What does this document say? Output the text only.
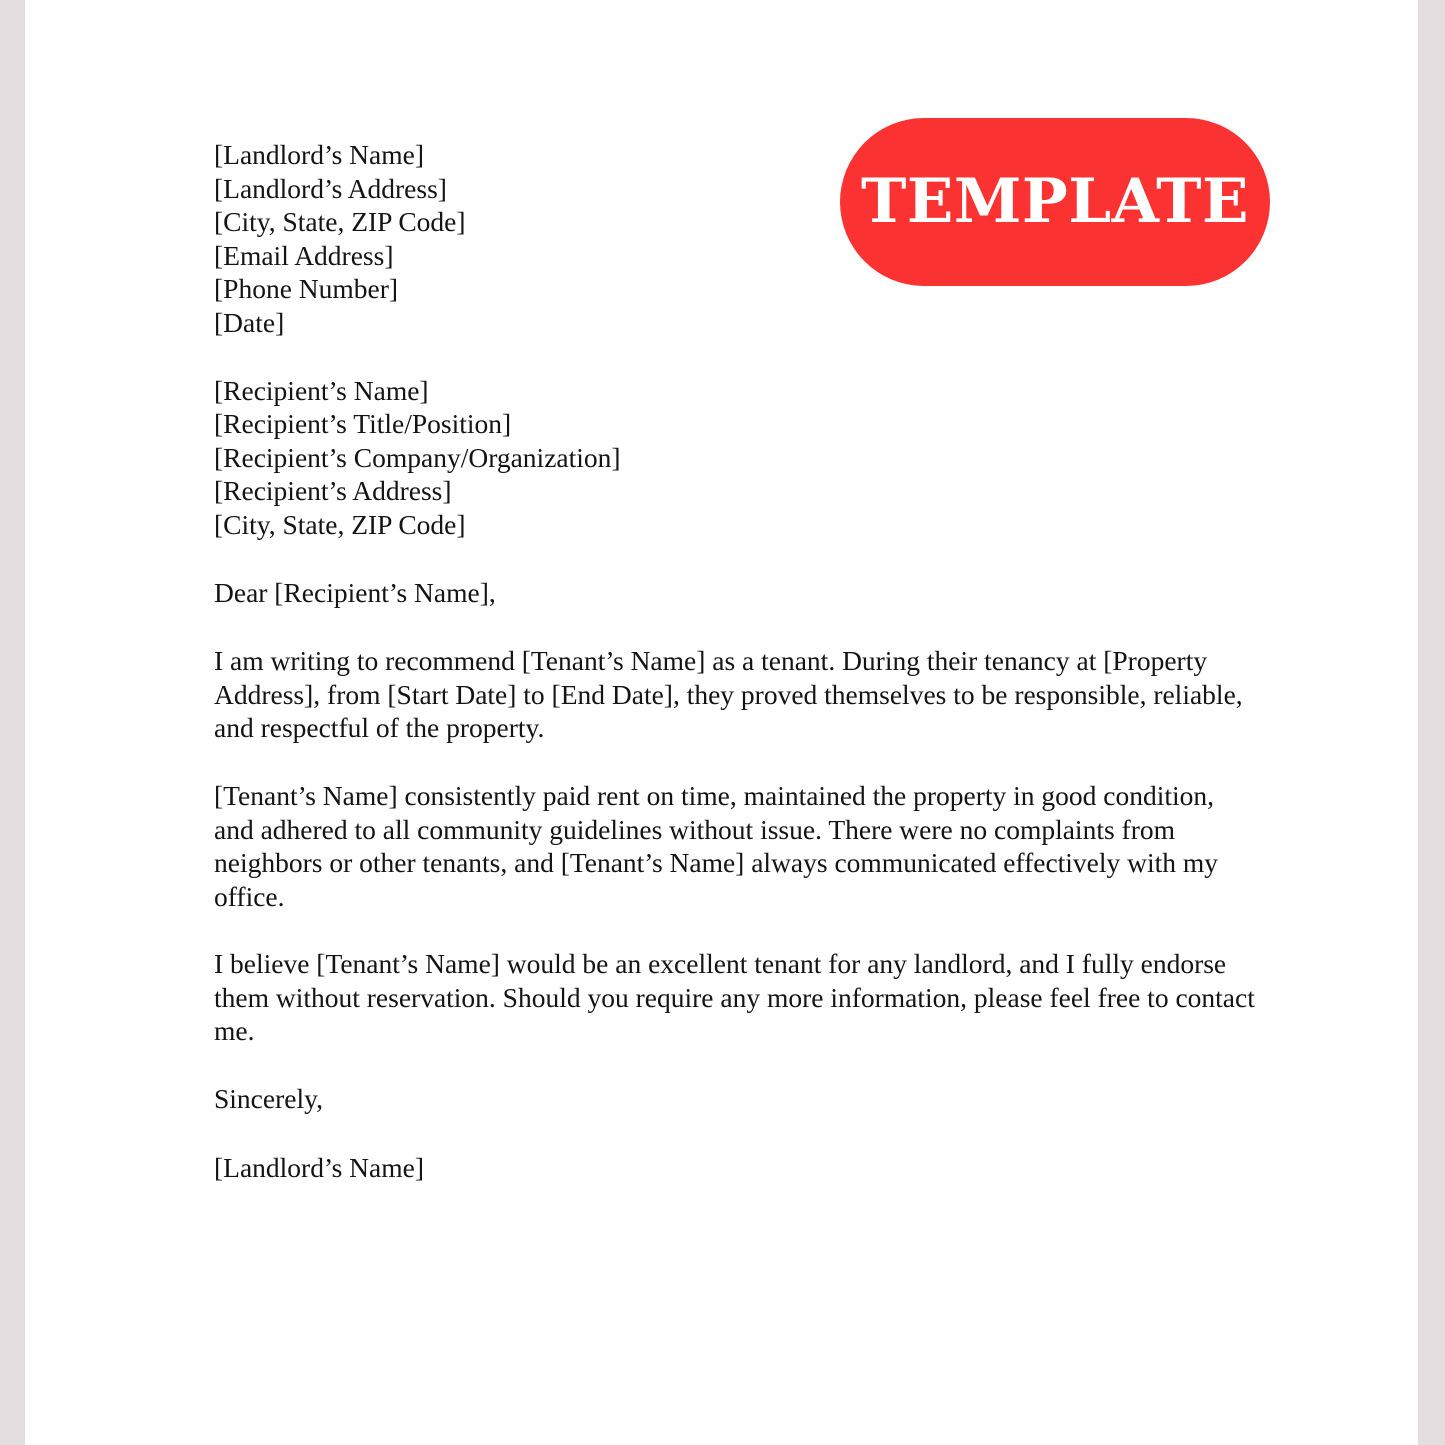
TEMPLATE
[Landlord’s Name]
[Landlord’s Address]
[City, State, ZIP Code]
[Email Address]
[Phone Number]
[Date]
[Recipient’s Name]
[Recipient’s Title/Position]
[Recipient’s Company/Organization]
[Recipient’s Address]
[City, State, ZIP Code]
Dear [Recipient’s Name],

I am writing to recommend [Tenant’s Name] as a tenant. During their tenancy at [Property Address], from [Start Date] to [End Date], they proved themselves to be responsible, reliable, and respectful of the property.

[Tenant’s Name] consistently paid rent on time, maintained the property in good condition, and adhered to all community guidelines without issue. There were no complaints from neighbors or other tenants, and [Tenant’s Name] always communicated effectively with my office.

I believe [Tenant’s Name] would be an excellent tenant for any landlord, and I fully endorse them without reservation. Should you require any more information, please feel free to contact me.

Sincerely,
[Landlord’s Name]
